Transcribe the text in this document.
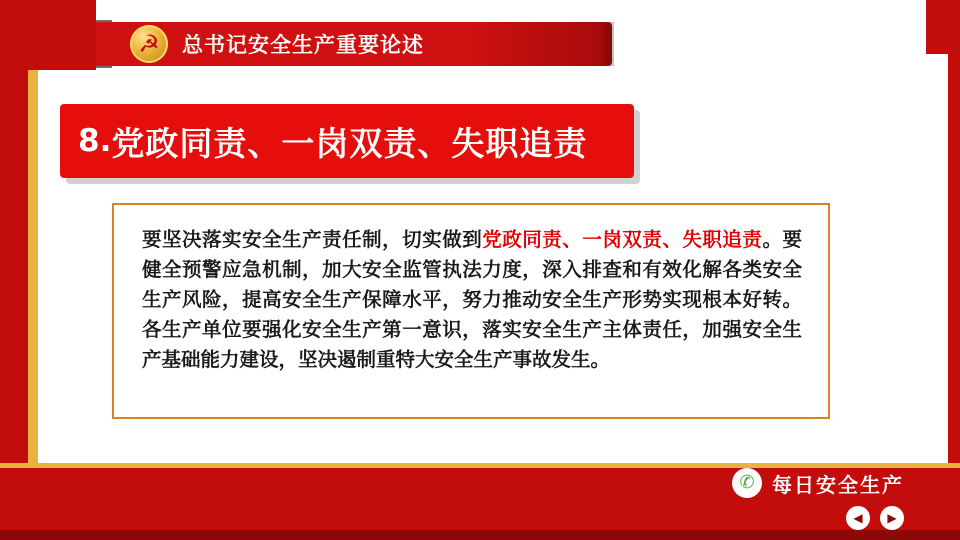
☭ 总书记安全生产重要论述
8. 党政同责、一岗双责、失职追责

要坚决落实安全生产责任制，切实做到党政同责、一岗双责、失职追责。要健全预警应急机制，加大安全监管执法力度，深入排查和有效化解各类安全生产风险，提高安全生产保障水平，努力推动安全生产形势实现根本好转。各生产单位要强化安全生产第一意识，落实安全生产主体责任，加强安全生产基础能力建设，坚决遏制重特大安全生产事故发生。

✆ 每日安全生产
◀	▶
